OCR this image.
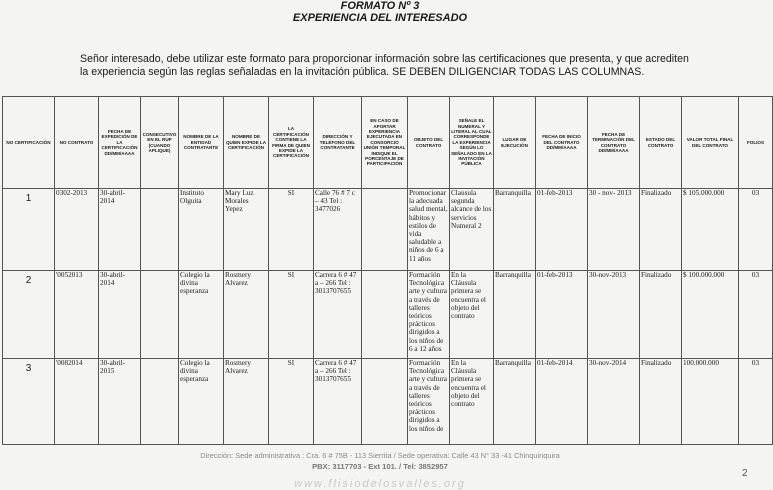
FORMATO Nº 3
EXPERIENCIA DEL INTERESADO
Señor interesado, debe utilizar este formato para proporcionar información sobre las certificaciones que presenta, y que acrediten
la experiencia según las reglas señaladas en la invitación pública. SE DEBEN DILIGENCIAR TODAS LAS COLUMNAS.
NO CERTIFICACIÓN	NO CONTRATO	FECHA DE EXPEDICIÓN DE LA CERTIFICACIÓN DD/MM/AAAA	CONSECUTIVO EN EL RUP (CUANDO APLIQUE)	NOMBRE DE LA ENTIDAD CONTRATANTE	NOMBRE DE QUIEN EXPIDE LA CERTIFICACIÓN	LA CERTIFICACIÓN CONTIENE LA FIRMA DE QUIEN EXPIDE LA CERTIFICACIÓN	DIRECCIÓN Y TELÉFONO DEL CONTRATANTE	EN CASO DE APORTAR EXPERIENCIA EJECUTADA EN CONSORCIO UNIÓN TEMPORAL INDIQUE EL PORCENTAJE DE PARTICIPACIÓN	OBJETO DEL CONTRATO	SEÑALE EL NUMERAL Y LITERAL AL CUAL CORRESPONDE LA EXPERIENCIA SEGÚN LO SEÑALADO EN LA INVITACIÓN PÚBLICA	LUGAR DE EJECUCIÓN	FECHA DE INICIO DEL CONTRATO DD/MM/AAAA	FECHA DE TERMINACIÓN DEL CONTRATO DD/MM/AAAA	ESTADO DEL CONTRATO	VALOR TOTAL FINAL DEL CONTRATO	FOLIOS
1	0302-2013	30-abril-2014		Instituto Olguita	Mary Luz Morales Yepez	SI	Calle 76 # 7 c – 43 Tel : 3477026		Promocionar la adecuada salud mental, hábitos y estilos de vida saludable a niños de 6 a 11 años	Clausula segunda alcance de los servicios Numeral 2	Barranquilla	01-feb-2013	30 - nov- 2013	Finalizado	$ 105.000.000	03
2	'0052013	30-abril-2014		Colegio la divina esperanza	Rosmery Alvarez	SI	Carrera 6 # 47 a – 266 Tel : 3013707655		Formación Tecnológica arte y cultura a través de talleres teóricos prácticos dirigidos a los niños de 6 a 12 años	En la Cláusula primera se encuentra el objeto del contrato	Barranquilla	01-feb-2013	30-nov-2013	Finalizado	$ 100.000.000	03
3	'0082014	30-abril-2015		Colegio la divina esperanza	Rosmery Alvarez	SI	Carrera 6 # 47 a – 266 Tel : 3013707655		Formación Tecnológica arte y cultura a través de talleres teóricos prácticos dirigidos a los niños de	En la Cláusula primera se encuentra el objeto del contrato	Barranquilla	01-feb-2014	30-nov-2014	Finalizado	100.000.000	03
Dirección: Sede administrativa : Cra. 6 # 75B - 113 Sierrita / Sede operativa: Calle 43 N° 33 -41 Chinquinquira
PBX: 3117703 - Ext 101. / Tel: 3852957
www.flisiodelosvalles.org
2
